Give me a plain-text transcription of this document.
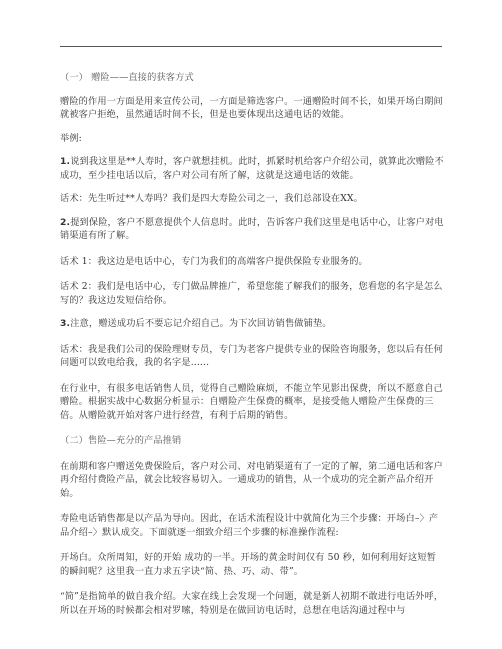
（一） 赠险——直接的获客方式

赠险的作用一方面是用来宣传公司，一方面是筛选客户。一通赠险时间不长，如果开场白期间就被客户拒绝，虽然通话时间不长，但是也要体现出这通电话的效能。

举例:

1.说到我这里是**人寿时，客户就想挂机。此时，抓紧时机给客户介绍公司，就算此次赠险不成功，至少挂电话以后，客户对公司有所了解，这就是这通电话的效能。

话术：先生听过**人寿吗？我们是四大寿险公司之一，我们总部设在XX。

2.提到保险，客户不愿意提供个人信息时。此时，告诉客户我们这里是电话中心，让客户对电销渠道有所了解。

话术 1：我这边是电话中心，专门为我们的高端客户提供保险专业服务的。

话术 2：我们是电话中心，专门做品牌推广，希望您能了解我们的服务，您看您的名字是怎么写的？我这边发短信给你。

3.注意，赠送成功后不要忘记介绍自己。为下次回访销售做铺垫。

话术：我是我们公司的保险理财专员，专门为老客户提供专业的保险咨询服务，您以后有任何问题可以致电给我，我的名字是......

在行业中，有很多电话销售人员，觉得自己赠险麻烦，不能立竿见影出保费，所以不愿意自己赠险。根据实战中心数据分析显示：自赠险产生保费的概率，是接受他人赠险产生保费的三倍。从赠险就开始对客户进行经营，有利于后期的销售。

（二）售险—充分的产品推销

在前期和客户赠送免费保险后，客户对公司、对电销渠道有了一定的了解，第二通电话和客户再介绍付费险产品，就会比较容易切入。一通成功的销售，从一个成功的完全新产品介绍开始。

寿险电话销售都是以产品为导向。因此，在话术流程设计中就简化为三个步骤：开场白–〉产品介绍–〉默认成交。下面就逐一细致介绍三个步骤的标准操作流程:

开场白。众所周知，好的开始 成功的一半。开场的黄金时间仅有 50 秒，如何利用好这短暂的瞬间呢？这里我一直力求五字诀“简、热、巧、动、带”。

“简”是指简单的做自我介绍。大家在线上会发现一个问题，就是新人初期不敢进行电话外呼，所以在开场的时候都会相对罗嗦，特别是在做回访电话时，总想在电话沟通过程中与
